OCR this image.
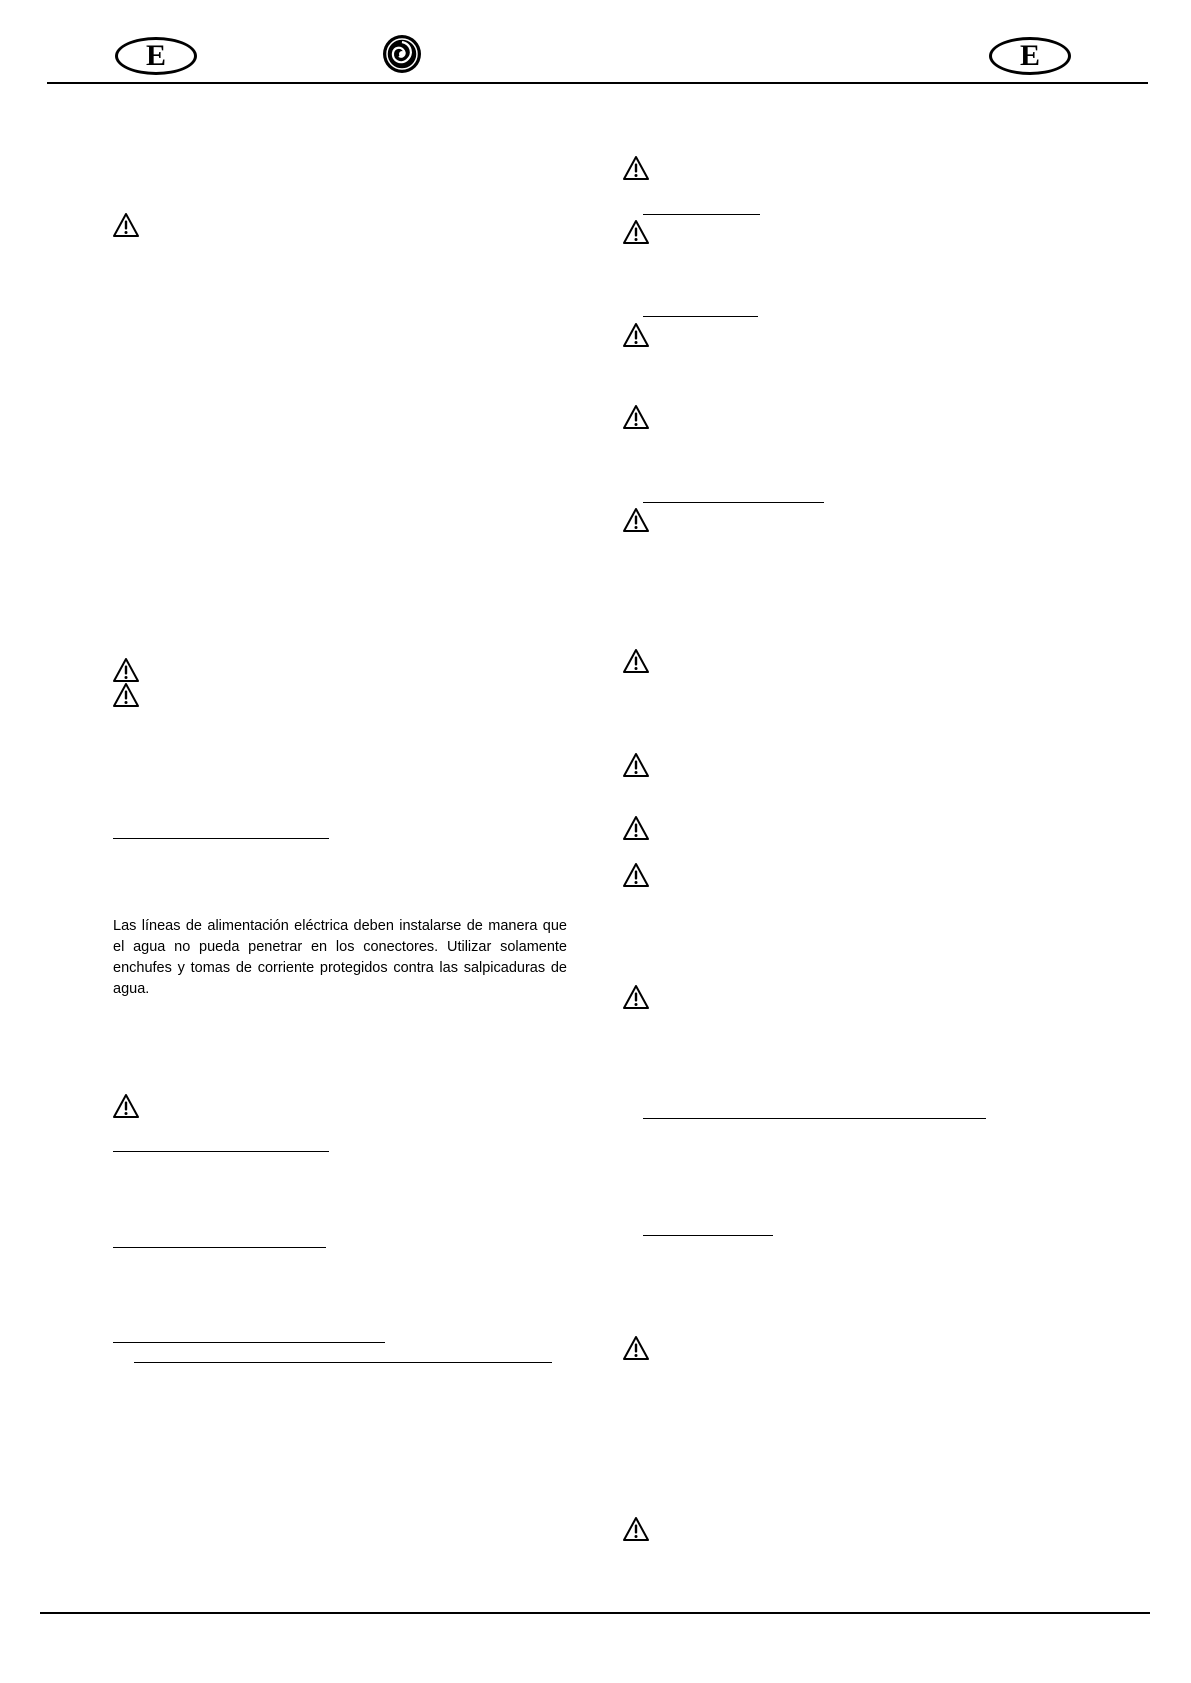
E	E
Las líneas de alimentación eléctrica deben instalarse de manera que el agua no pueda penetrar en los conectores. Utilizar solamente enchufes y tomas de corriente protegidos contra las salpicaduras de agua.
